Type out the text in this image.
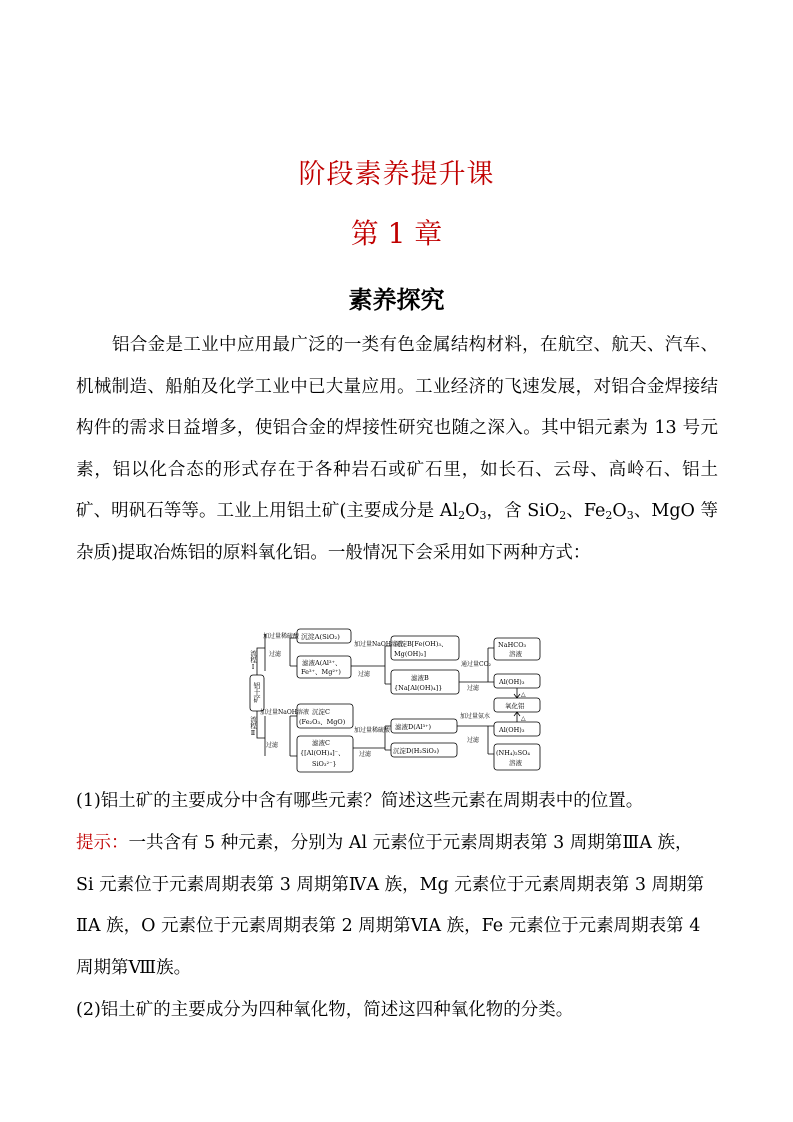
阶段素养提升课
第 1 章
素养探究
铝合金是工业中应用最广泛的一类有色金属结构材料，在航空、航天、汽车、机械制造、船舶及化学工业中已大量应用。工业经济的飞速发展，对铝合金焊接结构件的需求日益增多，使铝合金的焊接性研究也随之深入。其中铝元素为 13 号元素，铝以化合态的形式存在于各种岩石或矿石里，如长石、云母、高岭石、铝土矿、明矾石等等。工业上用铝土矿(主要成分是 $Al_2O_3$，含 SiO$_2$、$Fe_2O_3$、MgO 等杂质)提取冶炼铝的原料氧化铝。一般情况下会采用如下两种方式：
铝土矿
流程Ⅰ
流程Ⅱ
加过量稀硫酸
过滤
加过量NaOH溶液
过滤
沉淀A(SiO₂)
滤液A(Al³⁺、
Fe³⁺、Mg²⁺)
加过量NaOH溶液
过滤
沉淀B[Fe(OH)₃、
Mg(OH)₂]
滤液B
{Na[Al(OH)₄]}
通过量CO₂
过滤
NaHCO₃
溶液
Al(OH)₃
△
氧化铝
△
沉淀C
(Fe₂O₃、MgO)
滤液C
{[Al(OH)₄]⁻、
SiO₃²⁻}
加过量稀硫酸
过滤
滤液D(Al³⁺)
沉淀D(H₂SiO₃)
加过量氨水
过滤
Al(OH)₃
(NH₄)₂SO₄
溶液
(1)铝土矿的主要成分中含有哪些元素？简述这些元素在周期表中的位置。
提示：一共含有 5 种元素，分别为 Al 元素位于元素周期表第 3 周期第ⅢA 族，
Si 元素位于元素周期表第 3 周期第ⅣA 族，Mg 元素位于元素周期表第 3 周期第
ⅡA 族，O 元素位于元素周期表第 2 周期第ⅥA 族，Fe 元素位于元素周期表第 4
周期第Ⅷ族。
(2)铝土矿的主要成分为四种氧化物，简述这四种氧化物的分类。
